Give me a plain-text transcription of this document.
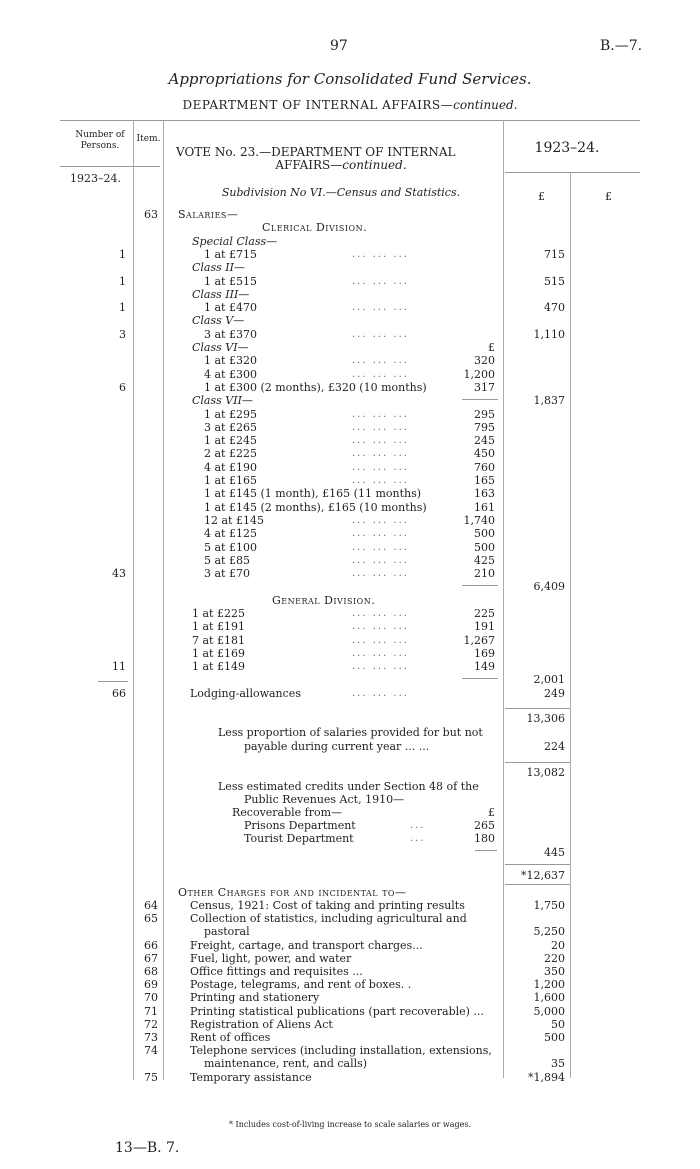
97	B.—7.
Appropriations for Consolidated Fund Services.
DEPARTMENT OF INTERNAL AFFAIRS—continued.
Number of Persons.
Item.
1923–24.
VOTE No. 23.—DEPARTMENT OF INTERNAL
AFFAIRS—continued.
1923–24.
Subdivision No VI.—Census and Statistics.	£	£
63 Salaries—
Clerical Division.
Special Class—
1	1 at £715	... ... ...	715
Class II—
1	1 at £515	... ... ...	515
Class III—
1	1 at £470	... ... ...	470
Class V—
3	3 at £370	... ... ...	1,110
Class VI—	£
1 at £320	... ... ...	320
4 at £300	... ... ...	1,200
6	1 at £300 (2 months), £320 (10 months)	317
Class VII—	1,837
1 at £295	... ... ...	295
3 at £265	... ... ...	795
1 at £245	... ... ...	245
2 at £225	... ... ...	450
4 at £190	... ... ...	760
1 at £165	... ... ...	165
1 at £145 (1 month), £165 (11 months)	163
1 at £145 (2 months), £165 (10 months)	161
12 at £145	... ... ...	1,740
4 at £125	... ... ...	500
5 at £100	... ... ...	500
5 at £85	... ... ...	425
43	3 at £70	... ... ...	210
6,409
General Division.
1 at £225	... ... ...	225
1 at £191	... ... ...	191
7 at £181	... ... ...	1,267
1 at £169	... ... ...	169
11	1 at £149	... ... ...	149
2,001
66	Lodging-allowances	... ... ...	249
13,306
Less proportion of salaries provided for but not
payable during current year ... ...	224
13,082
Less estimated credits under Section 48 of the
Public Revenues Act, 1910—
Recoverable from—	£
Prisons Department	...	265
Tourist Department	...	180
445
*12,637
Other Charges for and incidental to—
64	Census, 1921: Cost of taking and printing results	1,750
65	Collection of statistics, including agricultural and
pastoral	5,250
66	Freight, cartage, and transport charges...	20
67	Fuel, light, power, and water	220
68	Office fittings and requisites ...	350
69	Postage, telegrams, and rent of boxes. .	1,200
70	Printing and stationery	1,600
71	Printing statistical publications (part recoverable) ...	5,000
72	Registration of Aliens Act	50
73	Rent of offices	500
74	Telephone services (including installation, extensions,
maintenance, rent, and calls)	35
75	Temporary assistance	*1,894
* Includes cost-of-living increase to scale salaries or wages.
13—B. 7.
